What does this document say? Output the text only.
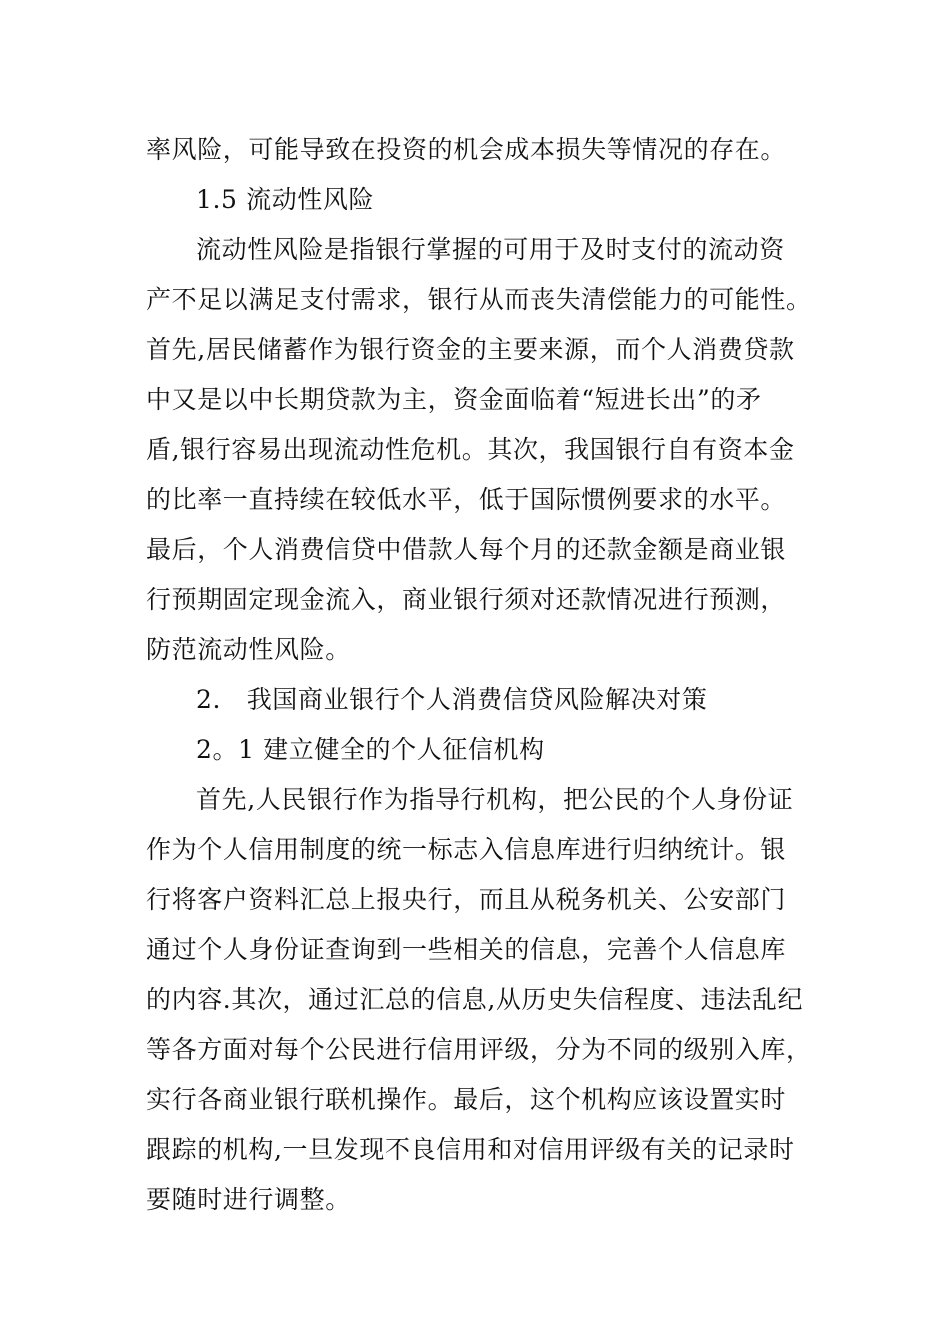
率风险，可能导致在投资的机会成本损失等情况的存在。
1.5 流动性风险
流动性风险是指银行掌握的可用于及时支付的流动资
产不足以满足支付需求，银行从而丧失清偿能力的可能性。
首先,居民储蓄作为银行资金的主要来源，而个人消费贷款
中又是以中长期贷款为主，资金面临着“短进长出”的矛
盾,银行容易出现流动性危机。其次，我国银行自有资本金
的比率一直持续在较低水平，低于国际惯例要求的水平。
最后，个人消费信贷中借款人每个月的还款金额是商业银
行预期固定现金流入，商业银行须对还款情况进行预测，
防范流动性风险。
2.   我国商业银行个人消费信贷风险解决对策
2。1 建立健全的个人征信机构
首先,人民银行作为指导行机构，把公民的个人身份证
作为个人信用制度的统一标志入信息库进行归纳统计。银
行将客户资料汇总上报央行，而且从税务机关、公安部门
通过个人身份证查询到一些相关的信息，完善个人信息库
的内容.其次，通过汇总的信息,从历史失信程度、违法乱纪
等各方面对每个公民进行信用评级，分为不同的级别入库，
实行各商业银行联机操作。最后，这个机构应该设置实时
跟踪的机构,一旦发现不良信用和对信用评级有关的记录时
要随时进行调整。
